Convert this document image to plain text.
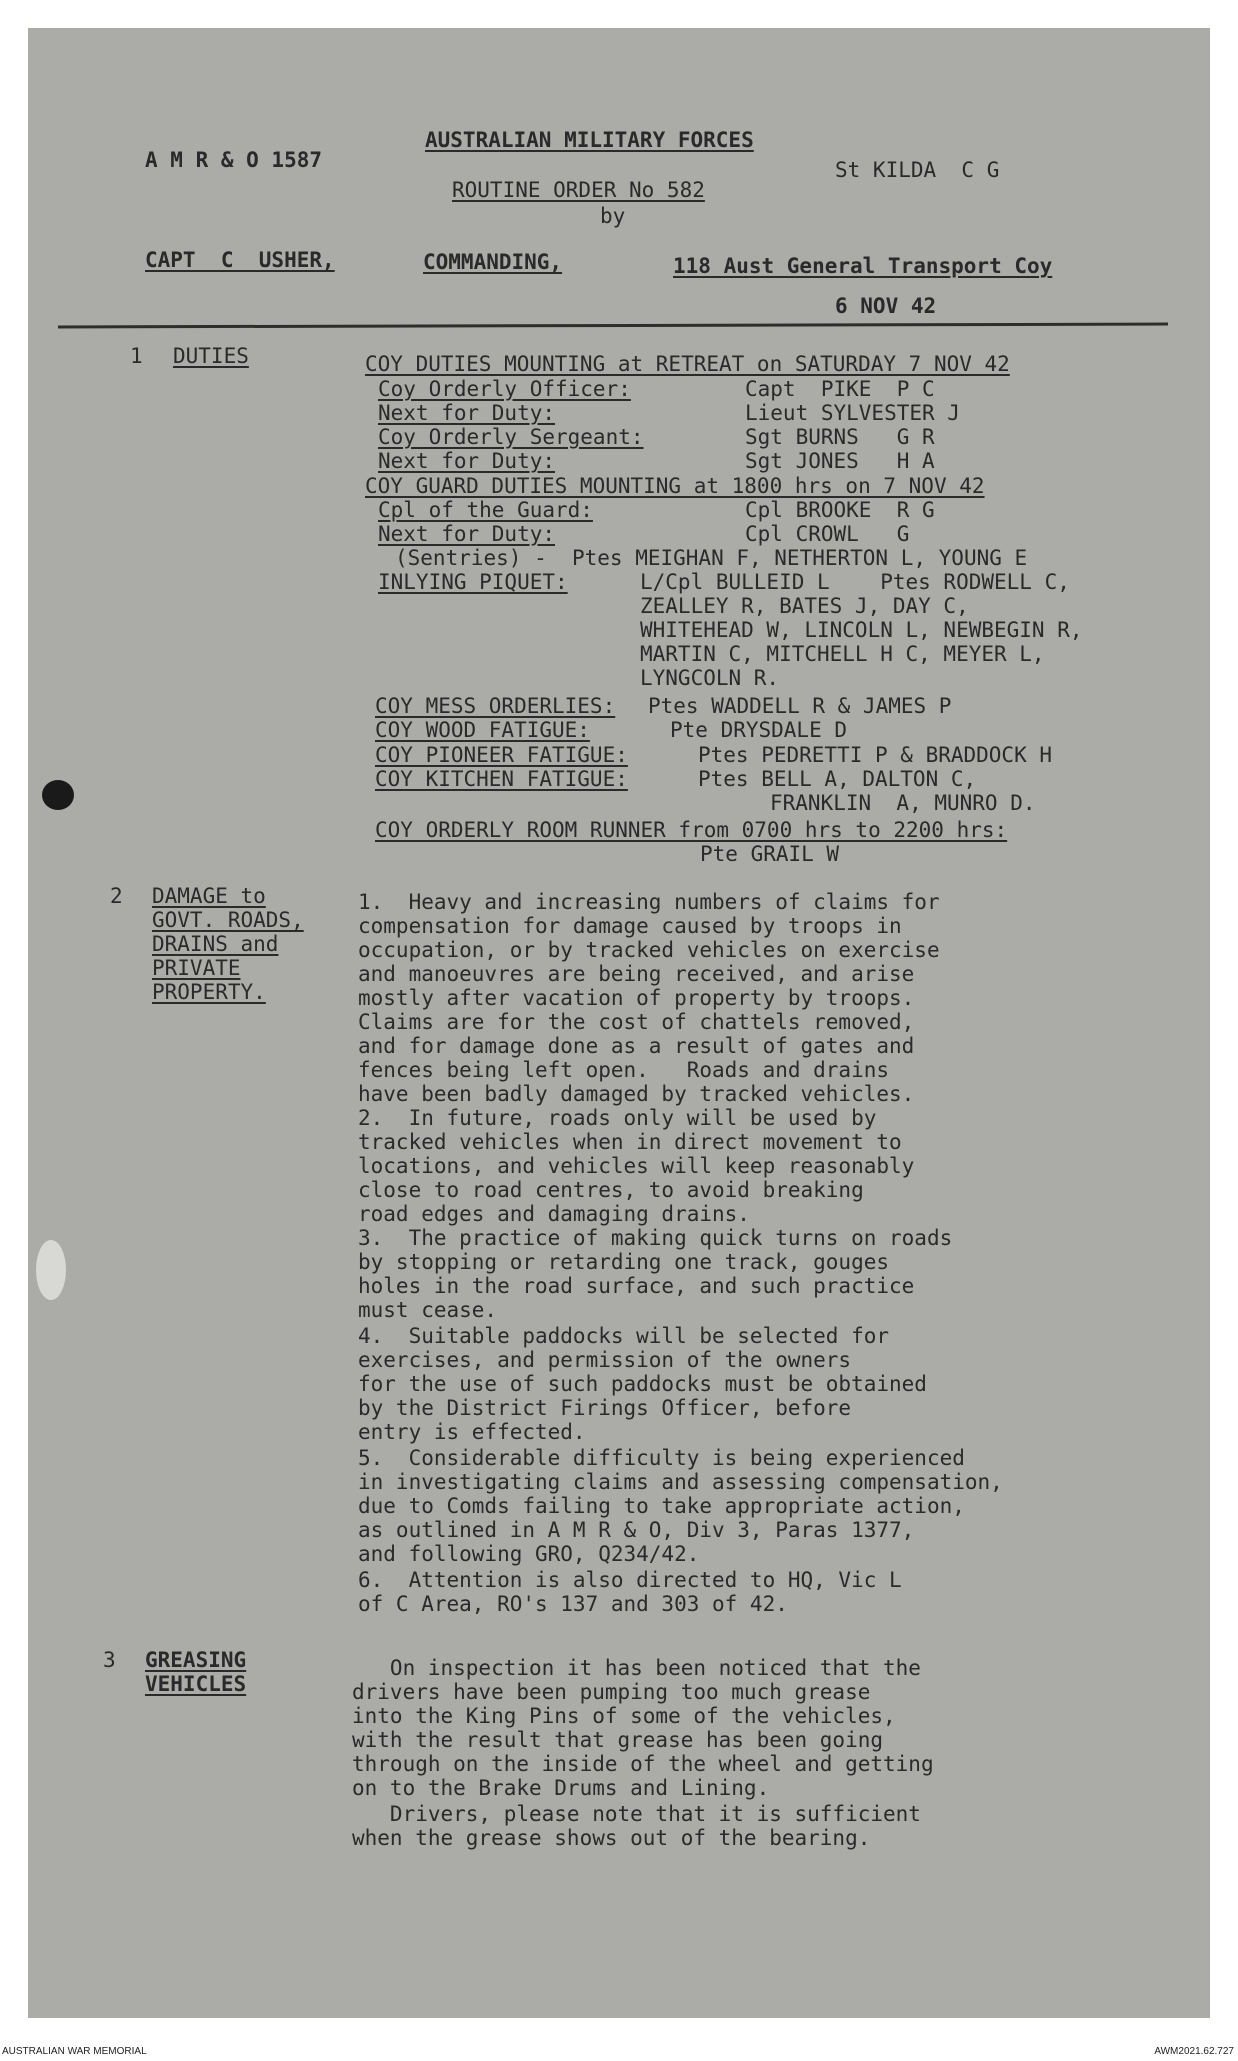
A M R & O 1587
AUSTRALIAN MILITARY FORCES
St KILDA  C G
ROUTINE ORDER No 582
by
CAPT  C  USHER,	COMMANDING,	118 Aust General Transport Coy
6 NOV 42
1 DUTIES	COY DUTIES MOUNTING at RETREAT on SATURDAY 7 NOV 42
Coy Orderly Officer:	Capt  PIKE  P C
Next for Duty:	Lieut SYLVESTER J
Coy Orderly Sergeant:	Sgt BURNS   G R
Next for Duty:	Sgt JONES   H A
COY GUARD DUTIES MOUNTING at 1800 hrs on 7 NOV 42
Cpl of the Guard:	Cpl BROOKE  R G
Next for Duty:	Cpl CROWL   G
(Sentries) -  Ptes MEIGHAN F, NETHERTON L, YOUNG E
INLYING PIQUET:	L/Cpl BULLEID L    Ptes RODWELL C,
ZEALLEY R, BATES J, DAY C,
WHITEHEAD W, LINCOLN L, NEWBEGIN R,
MARTIN C, MITCHELL H C, MEYER L,
LYNGCOLN R.
COY MESS ORDERLIES: Ptes WADDELL R & JAMES P
COY WOOD FATIGUE:	Pte DRYSDALE D
COY PIONEER FATIGUE:	Ptes PEDRETTI P & BRADDOCK H
COY KITCHEN FATIGUE:	Ptes BELL A, DALTON C,
FRANKLIN  A, MUNRO D.
COY ORDERLY ROOM RUNNER from 0700 hrs to 2200 hrs:
Pte GRAIL W
2 DAMAGE to
GOVT. ROADS,
DRAINS and
PRIVATE
PROPERTY.
1.  Heavy and increasing numbers of claims for
compensation for damage caused by troops in
occupation, or by tracked vehicles on exercise
and manoeuvres are being received, and arise
mostly after vacation of property by troops.
Claims are for the cost of chattels removed,
and for damage done as a result of gates and
fences being left open.   Roads and drains
have been badly damaged by tracked vehicles.
2.  In future, roads only will be used by
tracked vehicles when in direct movement to
locations, and vehicles will keep reasonably
close to road centres, to avoid breaking
road edges and damaging drains.
3.  The practice of making quick turns on roads
by stopping or retarding one track, gouges
holes in the road surface, and such practice
must cease.
4.  Suitable paddocks will be selected for
exercises, and permission of the owners
for the use of such paddocks must be obtained
by the District Firings Officer, before
entry is effected.
5.  Considerable difficulty is being experienced
in investigating claims and assessing compensation,
due to Comds failing to take appropriate action,
as outlined in A M R & O, Div 3, Paras 1377,
and following GRO, Q234/42.
6.  Attention is also directed to HQ, Vic L
of C Area, RO's 137 and 303 of 42.
3 GREASING
VEHICLES
On inspection it has been noticed that the
drivers have been pumping too much grease
into the King Pins of some of the vehicles,
with the result that grease has been going
through on the inside of the wheel and getting
on to the Brake Drums and Lining.
Drivers, please note that it is sufficient
when the grease shows out of the bearing.
AUSTRALIAN WAR MEMORIAL	AWM2021.62.727
